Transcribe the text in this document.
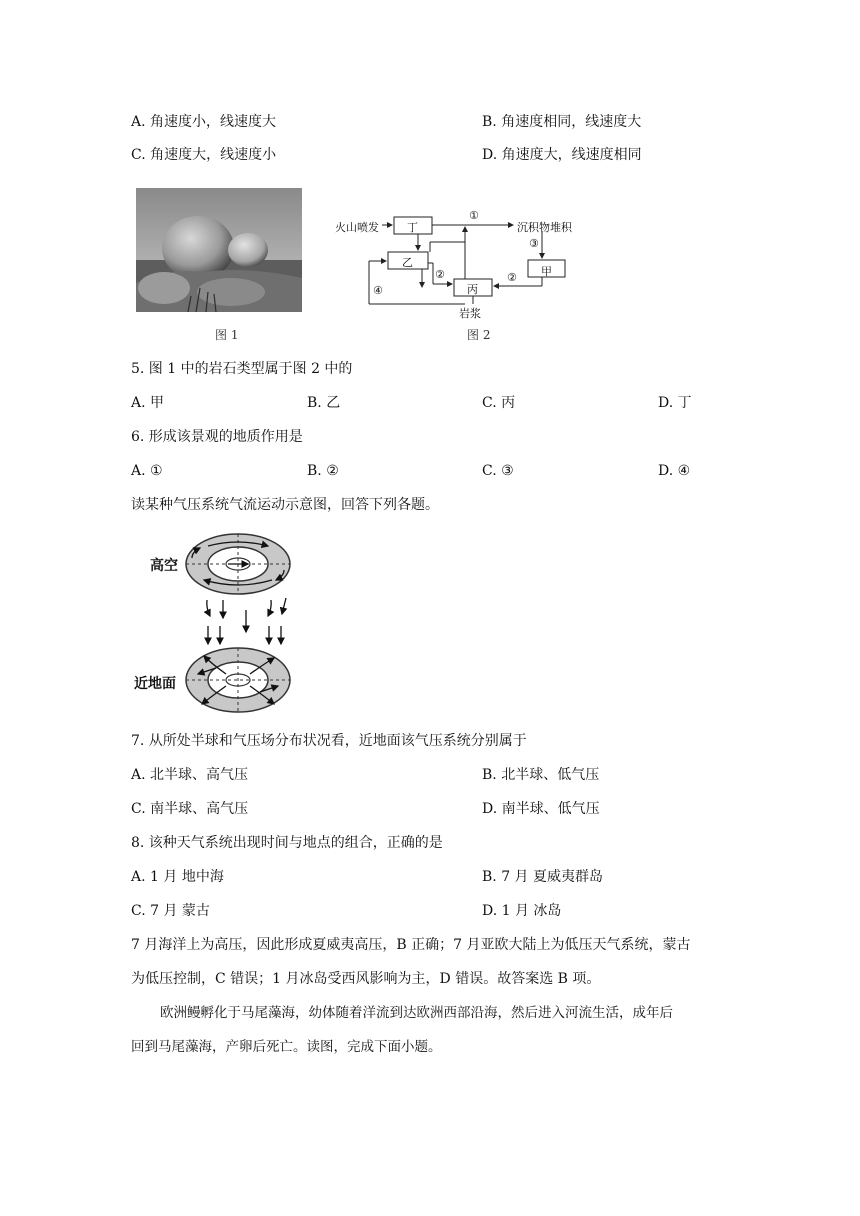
A. 角速度小，线速度大	B. 角速度相同，线速度大
C. 角速度大，线速度小	D. 角速度大，线速度相同
图 1
火山喷发	丁
①
沉积物堆积
③
甲
乙
②
丙
②
④
岩浆
图 2
5. 图 1 中的岩石类型属于图 2 中的
A. 甲	B. 乙	C. 丙	D. 丁
6. 形成该景观的地质作用是
A. ①	B. ②	C. ③	D. ④
读某种气压系统气流运动示意图，回答下列各题。
高空
近地面
7. 从所处半球和气压场分布状况看，近地面该气压系统分别属于
A. 北半球、高气压	B. 北半球、低气压
C. 南半球、高气压	D. 南半球、低气压
8. 该种天气系统出现时间与地点的组合，正确的是
A. 1 月 地中海	B. 7 月 夏威夷群岛
C. 7 月 蒙古	D. 1 月 冰岛
7 月海洋上为高压，因此形成夏威夷高压，B 正确；7 月亚欧大陆上为低压天气系统，蒙古
为低压控制，C 错误；1 月冰岛受西风影响为主，D 错误。故答案选 B 项。
欧洲鳗孵化于马尾藻海，幼体随着洋流到达欧洲西部沿海，然后进入河流生活，成年后
回到马尾藻海，产卵后死亡。读图，完成下面小题。
